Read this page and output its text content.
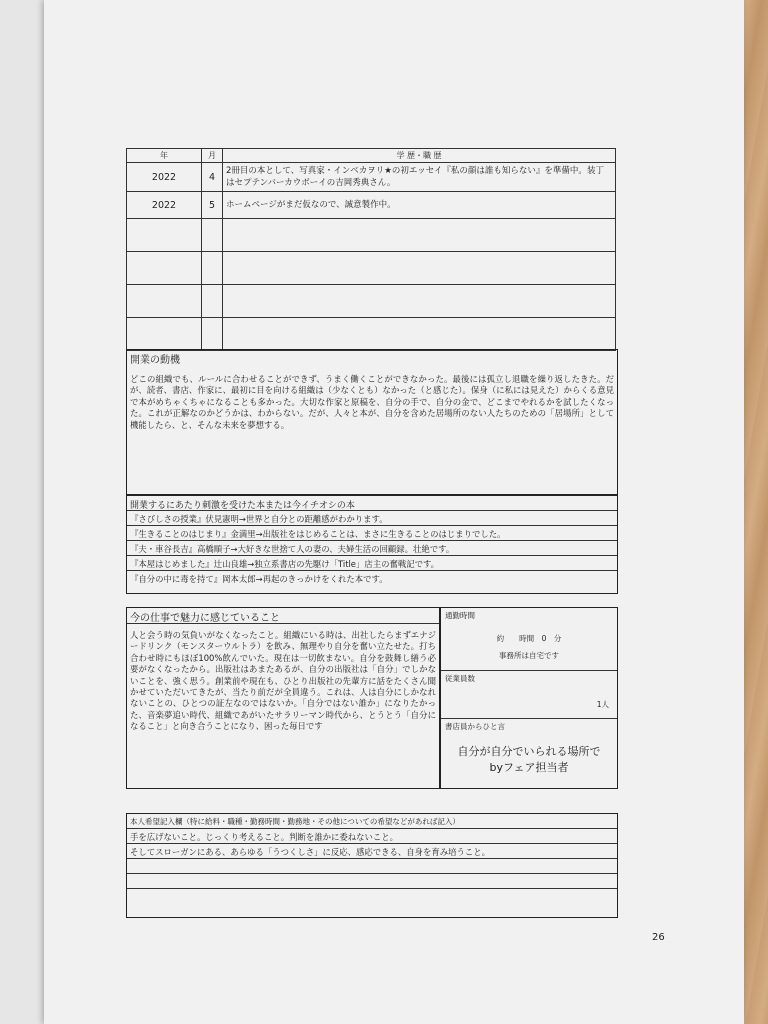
年	月	学 歴・職 歴
2022	4	2冊目の本として、写真家・インベカヲリ★の初エッセイ『私の顔は誰も知らない』を準備中。装丁はセプテンバーカウボーイの吉岡秀典さん。
2022	5	ホームページがまだ仮なので、誠意製作中。

開業の動機
どこの組織でも、ルールに合わせることができず、うまく働くことができなかった。最後には孤立し退職を繰り返したきた。だが、読者、書店、作家に、最初に目を向ける組織は（少なくとも）なかった（と感じた）。保身（に私には見えた）からくる意見で本がめちゃくちゃになることも多かった。大切な作家と原稿を、自分の手で、自分の金で、どこまでやれるかを試したくなった。これが正解なのかどうかは、わからない。だが、人々と本が、自分を含めた居場所のない人たちのための「居場所」として機能したら、と、そんな未来を夢想する。
開業するにあたり刺激を受けた本または今イチオシの本
『さびしさの授業』伏見憲明→世界と自分との距離感がわかります。
『生きることのはじまり』金満里→出版社をはじめることは、まさに生きることのはじまりでした。
『夫・車谷長吉』高橋順子→大好きな世捨て人の妻の、夫婦生活の回顧録。壮絶です。
『本屋はじめました』辻山良雄→独立系書店の先駆け「Title」店主の奮戦記です。
『自分の中に毒を持て』岡本太郎→再起のきっかけをくれた本です。
今の仕事で魅力に感じていること
人と会う時の気負いがなくなったこと。組織にいる時は、出社したらまずエナジードリンク（モンスターウルトラ）を飲み、無理やり自分を奮い立たせた。打ち合わせ時にもほぼ100%飲んでいた。現在は一切飲まない。自分を鼓舞し繕う必要がなくなったから。出版社はあまたあるが、自分の出版社は「自分」でしかないことを、強く思う。創業前や現在も、ひとり出版社の先輩方に話をたくさん聞かせていただいてきたが、当たり前だが全員違う。これは、人は自分にしかなれないことの、ひとつの証左なのではないか。「自分ではない誰か」になりたかった、音楽夢追い時代、組織であがいたサラリーマン時代から、とうとう「自分になること」と向き合うことになり、困った毎日です
通勤時間
約　　時間　0　分
事務所は自宅です
従業員数
1人
書店員からひと言
自分が自分でいられる場所で
byフェア担当者
本人希望記入欄（特に給料・職種・勤務時間・勤務地・その他についての希望などがあれば記入）
手を広げないこと。じっくり考えること。判断を誰かに委ねないこと。
そしてスローガンにある、あらゆる「うつくしさ」に反応、感応できる、自身を育み培うこと。
26
